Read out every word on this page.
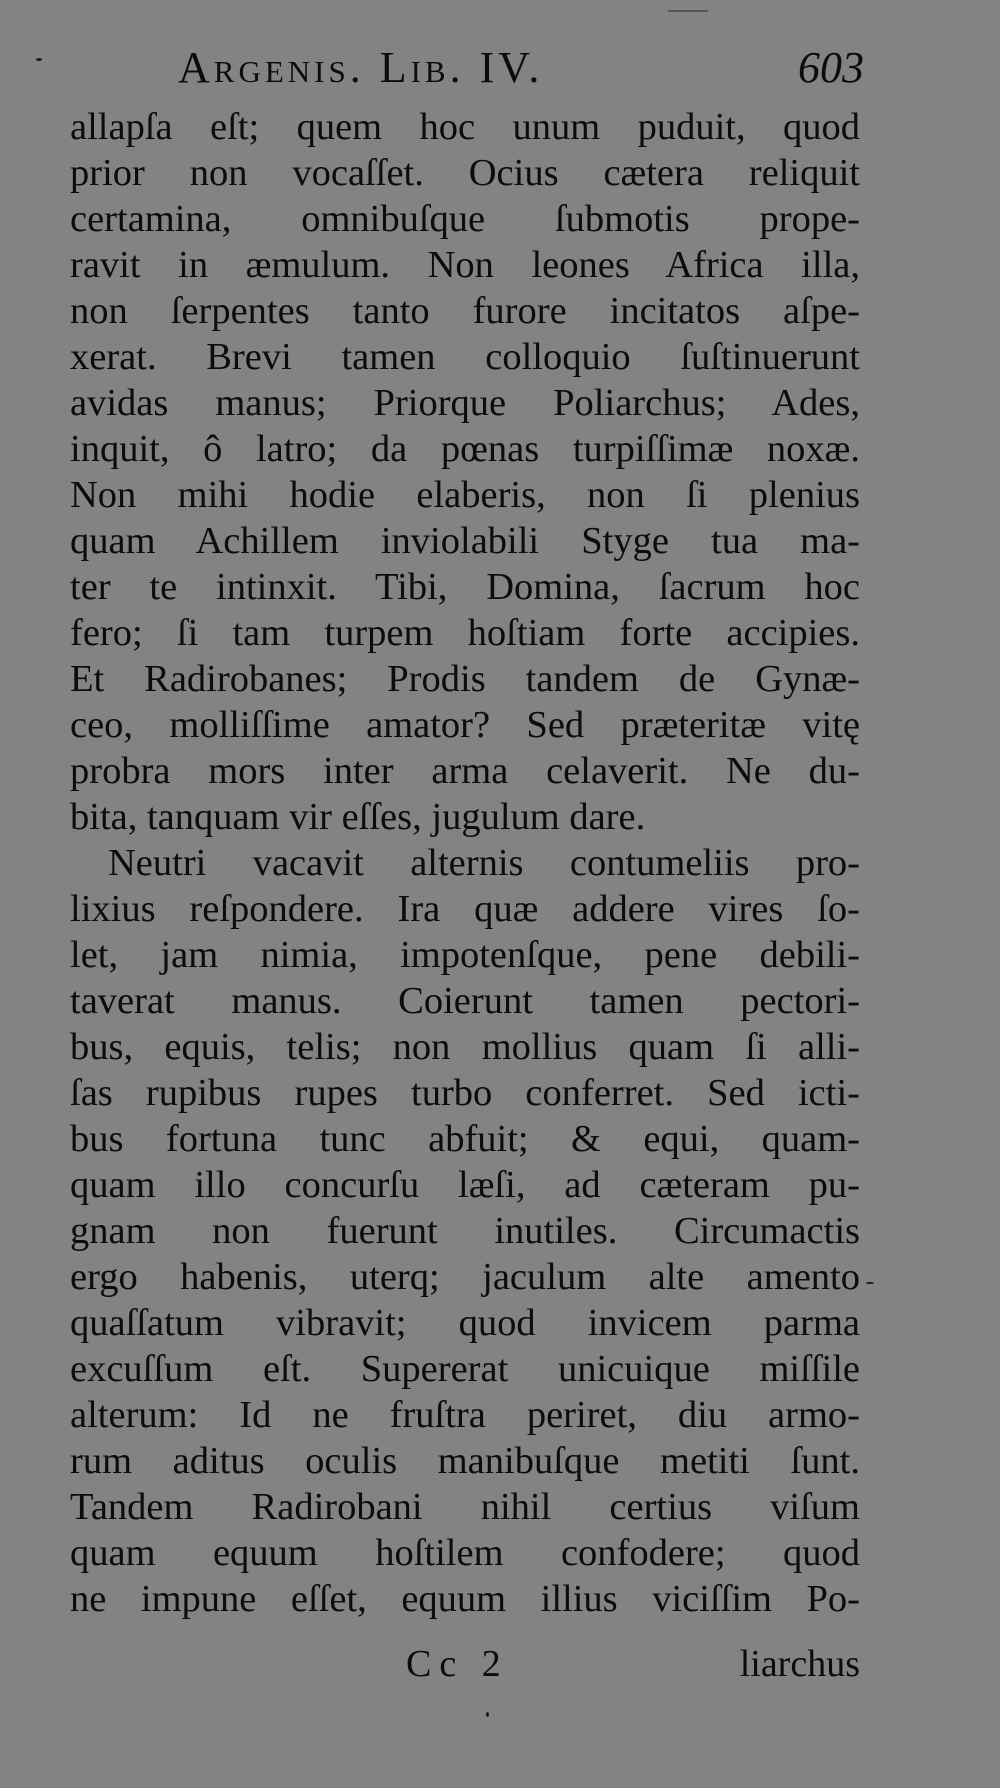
Argenis. Lib. IV.	603
allapſa eſt; quem hoc unum puduit, quod
prior non vocaſſet. Ocius cætera reliquit
certamina, omnibuſque ſubmotis prope-
ravit in æmulum. Non leones Africa illa,
non ſerpentes tanto furore incitatos aſpe-
xerat. Brevi tamen colloquio ſuſtinuerunt
avidas manus; Priorque Poliarchus; Ades,
inquit, ô latro; da pœnas turpiſſimæ noxæ.
Non mihi hodie elaberis, non ſi plenius
quam Achillem inviolabili Styge tua ma-
ter te intinxit. Tibi, Domina, ſacrum hoc
fero; ſi tam turpem hoſtiam forte accipies.
Et Radirobanes; Prodis tandem de Gynæ-
ceo, molliſſime amator? Sed præteritæ vitę
probra mors inter arma celaverit. Ne du-
bita, tanquam vir eſſes, jugulum dare.
Neutri vacavit alternis contumeliis pro-
lixius reſpondere. Ira quæ addere vires ſo-
let, jam nimia, impotenſque, pene debili-
taverat manus. Coierunt tamen pectori-
bus, equis, telis; non mollius quam ſi alli-
ſas rupibus rupes turbo conferret. Sed icti-
bus fortuna tunc abfuit; & equi, quam-
quam illo concurſu læſi, ad cæteram pu-
gnam non fuerunt inutiles. Circumactis
ergo habenis, uterq; jaculum alte amento
quaſſatum vibravit; quod invicem parma
excuſſum eſt. Supererat unicuique miſſile
alterum: Id ne fruſtra periret, diu armo-
rum aditus oculis manibuſque metiti ſunt.
Tandem Radirobani nihil certius viſum
quam equum hoſtilem confodere; quod
ne impune eſſet, equum illius viciſſim Po-
Cc 2	liarchus
